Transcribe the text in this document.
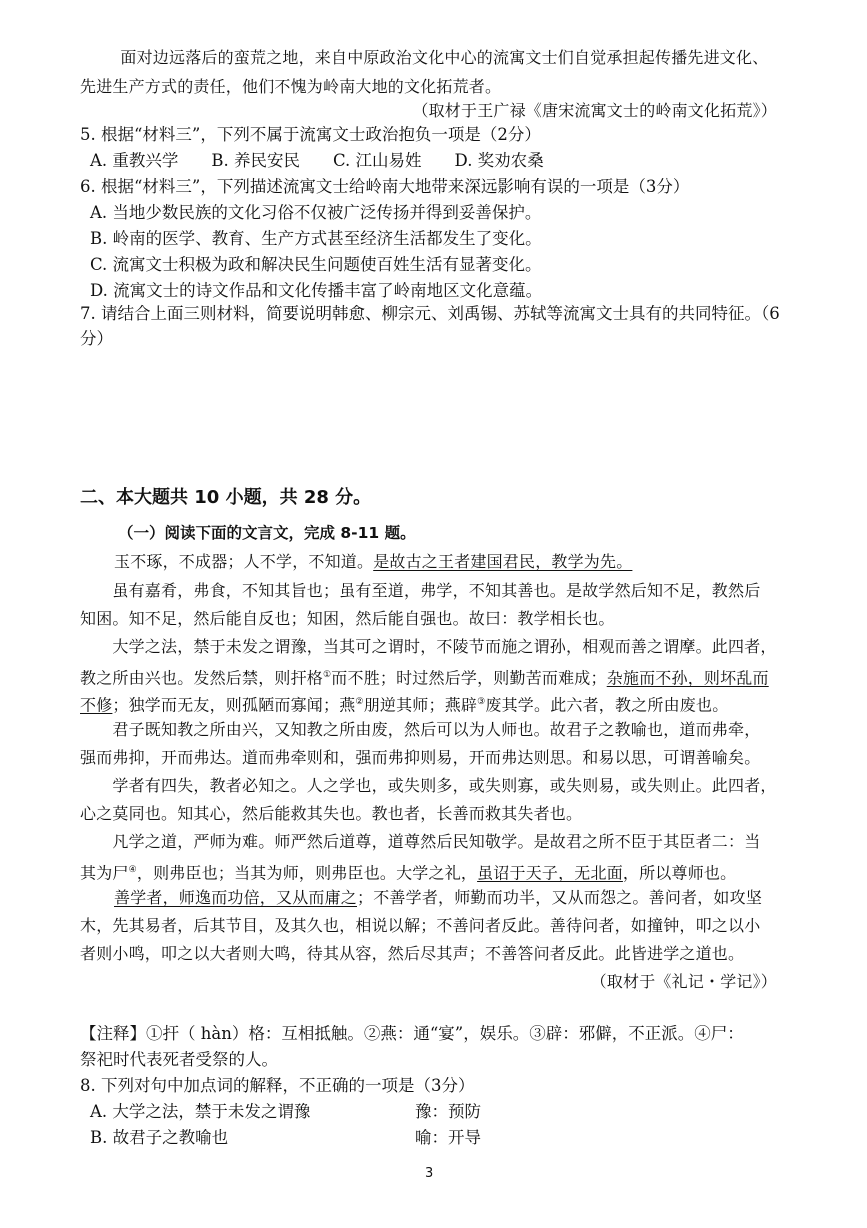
　　面对边远落后的蛮荒之地，来自中原政治文化中心的流寓文士们自觉承担起传播先进文化、
先进生产方式的责任，他们不愧为岭南大地的文化拓荒者。
（取材于王广禄《唐宋流寓文士的岭南文化拓荒》）
5. 根据“材料三”，下列不属于流寓文士政治抱负一项是（2分）
A. 重教兴学　　B. 养民安民　　C. 江山易姓　　D. 奖劝农桑
6. 根据“材料三”，下列描述流寓文士给岭南大地带来深远影响有误的一项是（3分）
A. 当地少数民族的文化习俗不仅被广泛传扬并得到妥善保护。
B. 岭南的医学、教育、生产方式甚至经济生活都发生了变化。
C. 流寓文士积极为政和解决民生问题使百姓生活有显著变化。
D. 流寓文士的诗文作品和文化传播丰富了岭南地区文化意蕴。
7. 请结合上面三则材料，简要说明韩愈、柳宗元、刘禹锡、苏轼等流寓文士具有的共同特征。（6
分）
二、本大题共 10 小题，共 28 分。
（一）阅读下面的文言文，完成 8-11 题。
玉不琢，不成器；人不学，不知道。是故古之王者建国君民，教学为先。
　　虽有嘉肴，弗食，不知其旨也；虽有至道，弗学，不知其善也。是故学然后知不足，教然后
知困。知不足，然后能自反也；知困，然后能自强也。故曰：教学相长也。
　　大学之法，禁于未发之谓豫，当其可之谓时，不陵节而施之谓孙，相观而善之谓摩。此四者，
教之所由兴也。发然后禁，则扞格①而不胜；时过然后学，则勤苦而难成；杂施而不孙，则坏乱而
不修；独学而无友，则孤陋而寡闻；燕②朋逆其师；燕辟③废其学。此六者，教之所由废也。
　　君子既知教之所由兴，又知教之所由废，然后可以为人师也。故君子之教喻也，道而弗牵，
强而弗抑，开而弗达。道而弗牵则和，强而弗抑则易，开而弗达则思。和易以思，可谓善喻矣。
　　学者有四失，教者必知之。人之学也，或失则多，或失则寡，或失则易，或失则止。此四者，
心之莫同也。知其心，然后能救其失也。教也者，长善而救其失者也。
　　凡学之道，严师为难。师严然后道尊，道尊然后民知敬学。是故君之所不臣于其臣者二：当
其为尸④，则弗臣也；当其为师，则弗臣也。大学之礼，虽诏于天子，无北面，所以尊师也。
善学者，师逸而功倍，又从而庸之；不善学者，师勤而功半，又从而怨之。善问者，如攻坚
木，先其易者，后其节目，及其久也，相说以解；不善问者反此。善待问者，如撞钟，叩之以小
者则小鸣，叩之以大者则大鸣，待其从容，然后尽其声；不善答问者反此。此皆进学之道也。
（取材于《礼记・学记》）
【注释】①扞（ hàn）格：互相抵触。②燕：通“宴”，娱乐。③辟：邪僻，不正派。④尸：
祭祀时代表死者受祭的人。
8. 下列对句中加点词的解释，不正确的一项是（3分）
A. 大学之法，禁于未发之谓豫	豫：预防
B. 故君子之教喻也	喻：开导
3
